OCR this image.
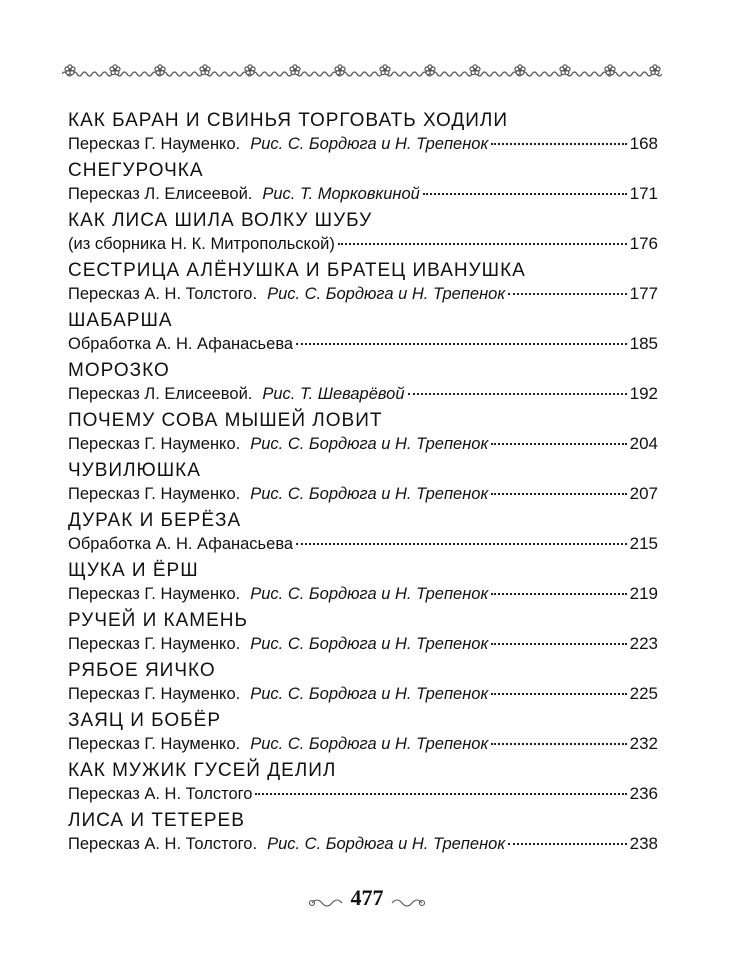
КАК БАРАН И СВИНЬЯ ТОРГОВАТЬ ХОДИЛИ
Пересказ Г. Науменко. Рис. С. Бордюга и Н. Трепенок	168
СНЕГУРОЧКА
Пересказ Л. Елисеевой. Рис. Т. Морковкиной	171
КАК ЛИСА ШИЛА ВОЛКУ ШУБУ
(из сборника Н. К. Митропольской)	176
СЕСТРИЦА АЛЁНУШКА И БРАТЕЦ ИВАНУШКА
Пересказ А. Н. Толстого. Рис. С. Бордюга и Н. Трепенок	177
ШАБАРША
Обработка А. Н. Афанасьева	185
МОРОЗКО
Пересказ Л. Елисеевой. Рис. Т. Шеварёвой	192
ПОЧЕМУ СОВА МЫШЕЙ ЛОВИТ
Пересказ Г. Науменко. Рис. С. Бордюга и Н. Трепенок	204
ЧУВИЛЮШКА
Пересказ Г. Науменко. Рис. С. Бордюга и Н. Трепенок	207
ДУРАК И БЕРЁЗА
Обработка А. Н. Афанасьева	215
ЩУКА И ЁРШ
Пересказ Г. Науменко. Рис. С. Бордюга и Н. Трепенок	219
РУЧЕЙ И КАМЕНЬ
Пересказ Г. Науменко. Рис. С. Бордюга и Н. Трепенок	223
РЯБОЕ ЯИЧКО
Пересказ Г. Науменко. Рис. С. Бордюга и Н. Трепенок	225
ЗАЯЦ И БОБЁР
Пересказ Г. Науменко. Рис. С. Бордюга и Н. Трепенок	232
КАК МУЖИК ГУСЕЙ ДЕЛИЛ
Пересказ А. Н. Толстого	236
ЛИСА И ТЕТЕРЕВ
Пересказ А. Н. Толстого. Рис. С. Бордюга и Н. Трепенок	238
477
